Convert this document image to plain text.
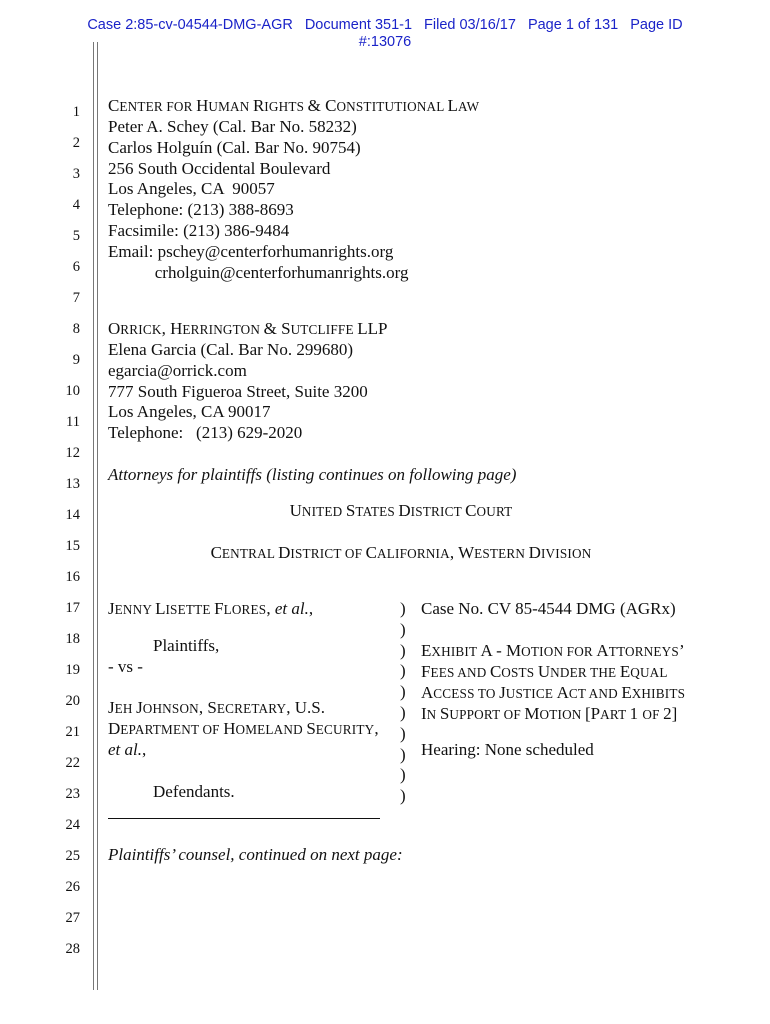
Case 2:85-cv-04544-DMG-AGR Document 351-1 Filed 03/16/17 Page 1 of 131 Page ID
#:13076
1
2
3
4
5
6
7
8
9
10
11
12
13
14
15
16
17
18
19
20
21
22
23
24
25
26
27
28
CENTER FOR HUMAN RIGHTS & CONSTITUTIONAL LAW
Peter A. Schey (Cal. Bar No. 58232)
Carlos Holguín (Cal. Bar No. 90754)
256 South Occidental Boulevard
Los Angeles, CA  90057
Telephone: (213) 388-8693
Facsimile: (213) 386-9484
Email: pschey@centerforhumanrights.org
crholguin@centerforhumanrights.org
ORRICK, HERRINGTON & SUTCLIFFE LLP
Elena Garcia (Cal. Bar No. 299680)
egarcia@orrick.com
777 South Figueroa Street, Suite 3200
Los Angeles, CA 90017
Telephone:   (213) 629-2020
Attorneys for plaintiffs (listing continues on following page)
UNITED STATES DISTRICT COURT
CENTRAL DISTRICT OF CALIFORNIA, WESTERN DIVISION
JENNY LISETTE FLORES, et al.,
Plaintiffs,
- vs -
JEH JOHNSON, SECRETARY, U.S.
DEPARTMENT OF HOMELAND SECURITY,
et al.,
Defendants.
)
)
)
)
)
)
)
)
)
)
Case No. CV 85-4544 DMG (AGRx)
EXHIBIT A - MOTION FOR ATTORNEYS’
FEES AND COSTS UNDER THE EQUAL
ACCESS TO JUSTICE ACT AND EXHIBITS
IN SUPPORT OF MOTION [PART 1 OF 2]
Hearing: None scheduled
Plaintiffs’ counsel, continued on next page:
